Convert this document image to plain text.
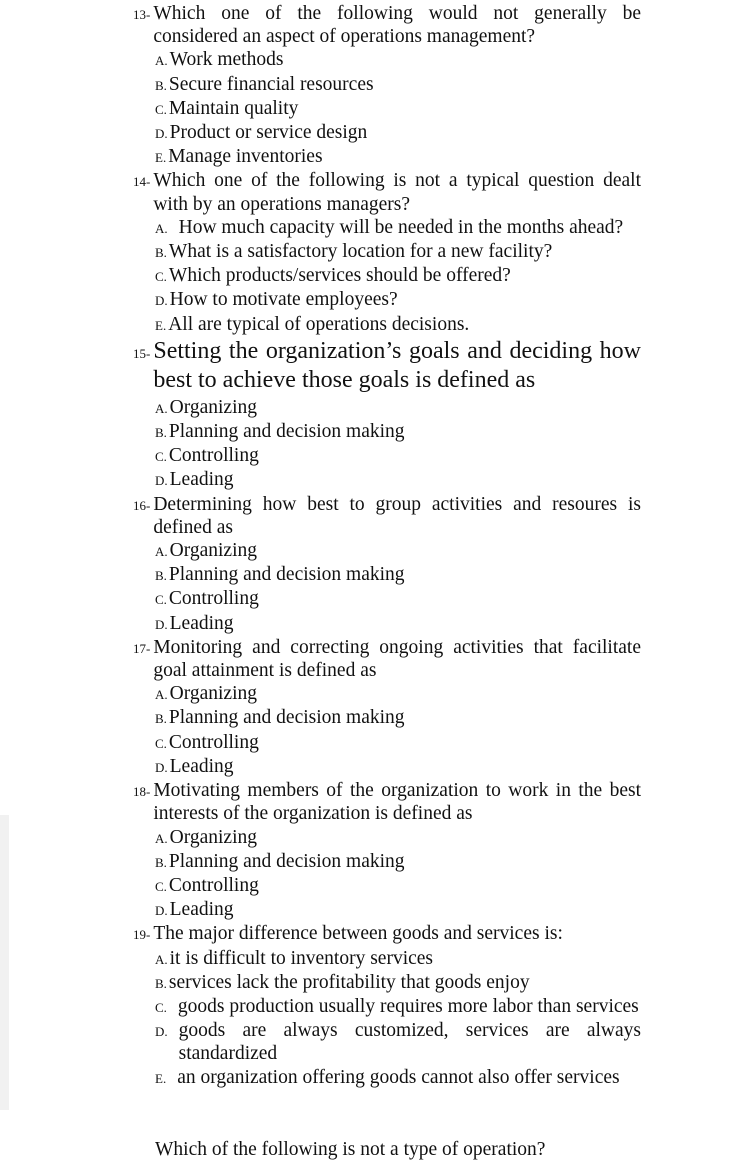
13- Which one of the following would not generally be considered an aspect of operations management?
A. Work methods
B. Secure financial resources
C. Maintain quality
D. Product or service design
E. Manage inventories
14- Which one of the following is not a typical question dealt with by an operations managers?
A. How much capacity will be needed in the months ahead?
B. What is a satisfactory location for a new facility?
C. Which products/services should be offered?
D. How to motivate employees?
E. All are typical of operations decisions.
15- Setting the organization’s goals and deciding how best to achieve those goals is defined as
A. Organizing
B. Planning and decision making
C. Controlling
D. Leading
16- Determining how best to group activities and resoures is defined as
A. Organizing
B. Planning and decision making
C. Controlling
D. Leading
17- Monitoring and correcting ongoing activities that facilitate goal attainment is defined as
A. Organizing
B. Planning and decision making
C. Controlling
D. Leading
18- Motivating members of the organization to work in the best interests of the organization is defined as
A. Organizing
B. Planning and decision making
C. Controlling
D. Leading
19- The major difference between goods and services is:
A. it is difficult to inventory services
B. services lack the profitability that goods enjoy
C. goods production usually requires more labor than services
D. goods are always customized, services are always standardized
E. an organization offering goods cannot also offer services
Which of the following is not a type of operation?
